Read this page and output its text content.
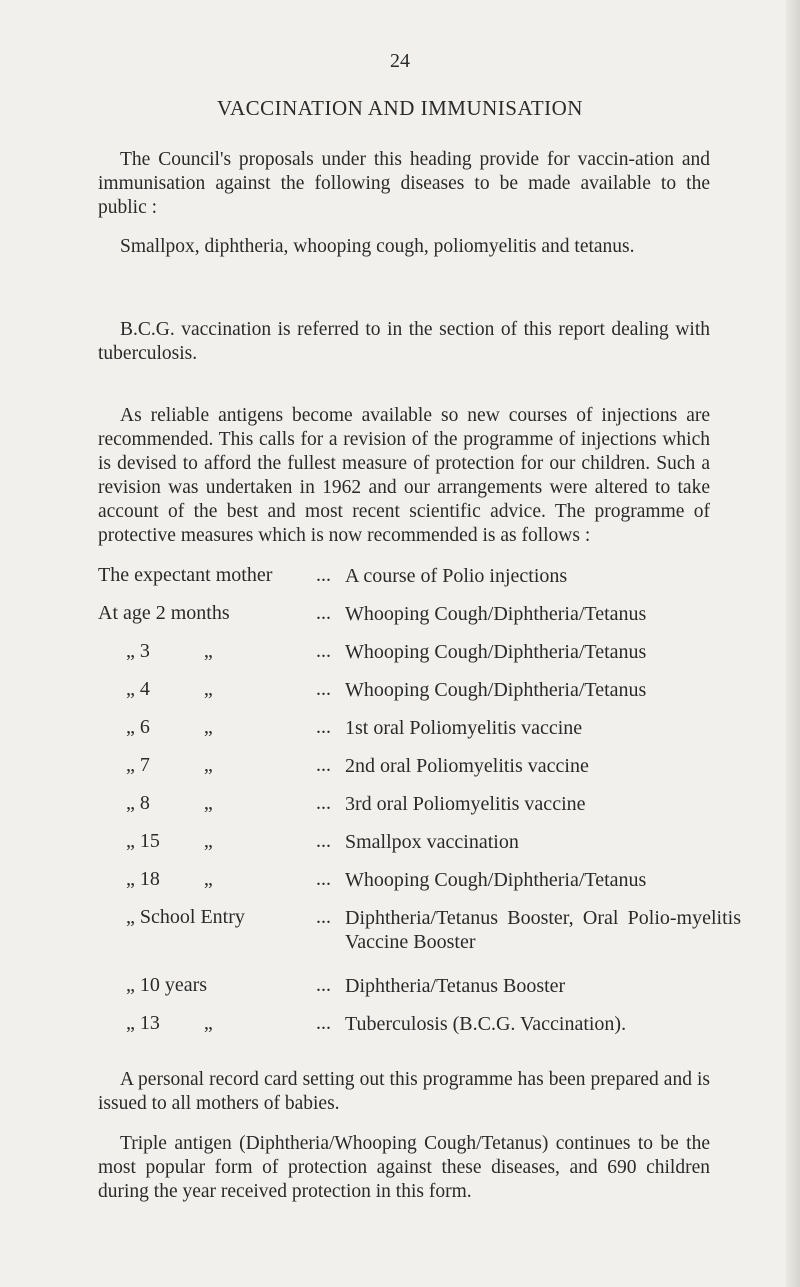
24
VACCINATION AND IMMUNISATION
The Council's proposals under this heading provide for vaccin-ation and immunisation against the following diseases to be made available to the public :
Smallpox, diphtheria, whooping cough, poliomyelitis and tetanus.
B.C.G. vaccination is referred to in the section of this report dealing with tuberculosis.
As reliable antigens become available so new courses of injections are recommended. This calls for a revision of the programme of injections which is devised to afford the fullest measure of protection for our children. Such a revision was undertaken in 1962 and our arrangements were altered to take account of the best and most recent scientific advice. The programme of protective measures which is now recommended is as follows :
The expectant mother ... A course of Polio injections
At age 2 months	... Whooping Cough/Diphtheria/Tetanus
„ 3	„	... Whooping Cough/Diphtheria/Tetanus
„ 4	„	... Whooping Cough/Diphtheria/Tetanus
„ 6	„	... 1st oral Poliomyelitis vaccine
„ 7	„	... 2nd oral Poliomyelitis vaccine
„ 8	„	... 3rd oral Poliomyelitis vaccine
„ 15 „	... Smallpox vaccination
„ 18 „	... Whooping Cough/Diphtheria/Tetanus
„ School Entry	... Diphtheria/Tetanus Booster, Oral Polio-myelitis Vaccine Booster
„ 10 years	... Diphtheria/Tetanus Booster
„ 13 „	... Tuberculosis (B.C.G. Vaccination).
A personal record card setting out this programme has been prepared and is issued to all mothers of babies.
Triple antigen (Diphtheria/Whooping Cough/Tetanus) continues to be the most popular form of protection against these diseases, and 690 children during the year received protection in this form.
